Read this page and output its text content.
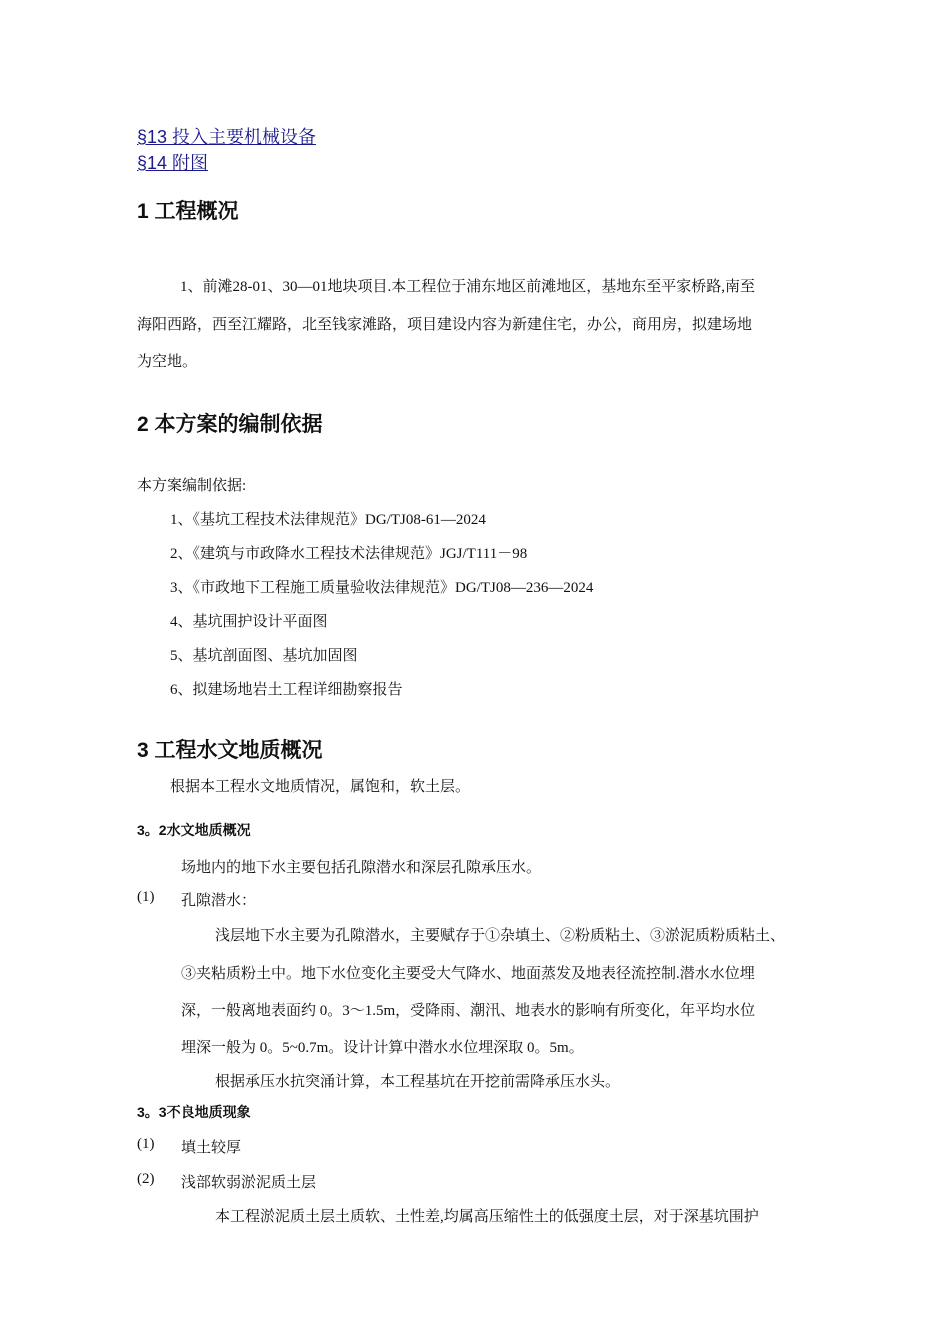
§13 投入主要机械设备
§14 附图
1 工程概况
1、前滩28-01、30—01地块项目.本工程位于浦东地区前滩地区，基地东至平家桥路,南至
海阳西路，西至江耀路，北至钱家滩路，项目建设内容为新建住宅，办公，商用房，拟建场地
为空地。
2 本方案的编制依据
本方案编制依据:
1、《基坑工程技术法律规范》DG/TJ08-61—2024
2、《建筑与市政降水工程技术法律规范》JGJ/T111－98
3、《市政地下工程施工质量验收法律规范》DG/TJ08—236—2024
4、基坑围护设计平面图
5、基坑剖面图、基坑加固图
6、拟建场地岩土工程详细勘察报告
3 工程水文地质概况
根据本工程水文地质情况，属饱和，软土层。
3。2水文地质概况
场地内的地下水主要包括孔隙潜水和深层孔隙承压水。
(1) 孔隙潜水：
浅层地下水主要为孔隙潜水，主要赋存于①杂填土、②粉质粘土、③淤泥质粉质粘土、
③夹粘质粉土中。地下水位变化主要受大气降水、地面蒸发及地表径流控制.潜水水位埋
深，一般离地表面约 0。3～1.5m，受降雨、潮汛、地表水的影响有所变化，年平均水位
埋深一般为 0。5~0.7m。设计计算中潜水水位埋深取 0。5m。
根据承压水抗突涌计算，本工程基坑在开挖前需降承压水头。
3。3不良地质现象
(1) 填土较厚
(2) 浅部软弱淤泥质土层
本工程淤泥质土层土质软、土性差,均属高压缩性土的低强度土层，对于深基坑围护
